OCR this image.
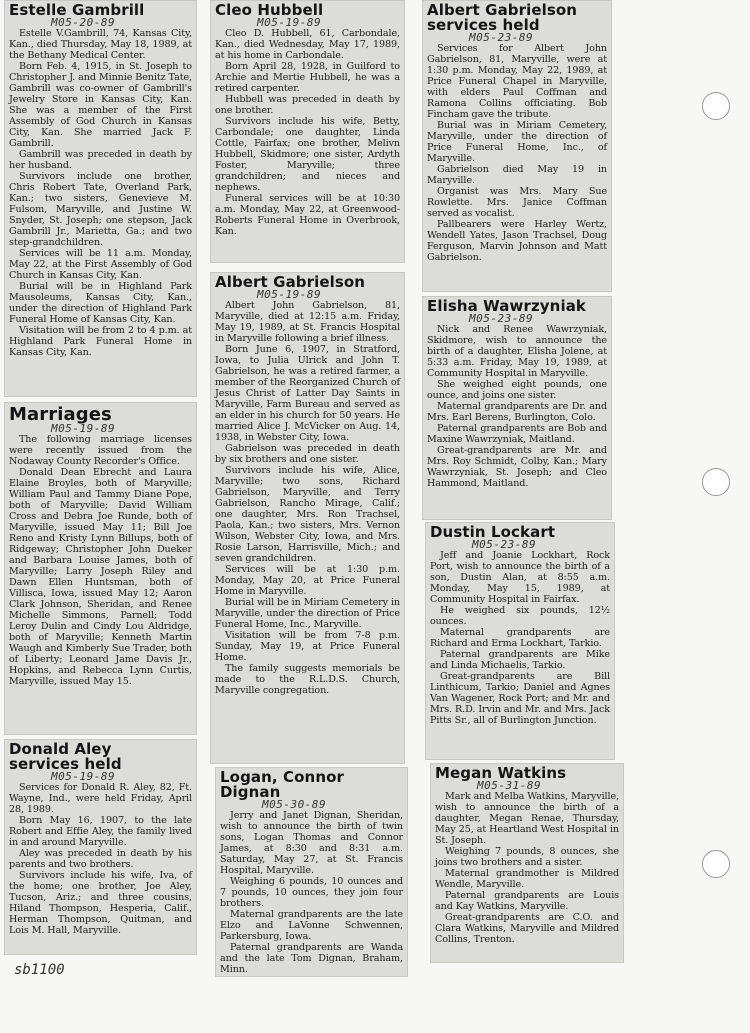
Estelle Gambrill
M05-20-89

Estelle V.Gambrill, 74, Kansas City, Kan., died Thursday, May 18, 1989, at the Bethany Medical Center.

Born Feb. 4, 1915, in St. Joseph to Christopher J. and Minnie Benitz Tate, Gambrill was co-owner of Gambrill's Jewelry Store in Kansas City, Kan. She was a member of the First Assembly of God Church in Kansas City, Kan. She married Jack F. Gambrill.

Gambrill was preceded in death by her husband.

Survivors include one brother, Chris Robert Tate, Overland Park, Kan.; two sisters, Genevieve M. Fulsom, Maryville, and Justine W. Snyder, St. Joseph; one stepson, Jack Gambrill Jr., Marietta, Ga.; and two step-grandchildren.

Services will be 11 a.m. Monday, May 22, at the First Assembly of God Church in Kansas City, Kan.

Burial will be in Highland Park Mausoleums, Kansas City, Kan., under the direction of Highland Park Funeral Home of Kansas City, Kan.

Visitation will be from 2 to 4 p.m. at Highland Park Funeral Home in Kansas City, Kan.

Marriages
M05-19-89

The following marriage licenses were recently issued from the Nodaway County Recorder's Office.

Donald Dean Ebrecht and Laura Elaine Broyles, both of Maryville; William Paul and Tammy Diane Pope, both of Maryville; David William Cross and Debra Joe Runde, both of Maryville, issued May 11; Bill Joe Reno and Kristy Lynn Billups, both of Ridgeway; Christopher John Dueker and Barbara Louise James, both of Maryville; Larry Joseph Riley and Dawn Ellen Huntsman, both of Villisca, Iowa, issued May 12; Aaron Clark Johnson, Sheridan, and Renee Michelle Simmons, Parnell; Todd Leroy Dulin and Cindy Lou Aldridge, both of Maryville; Kenneth Martin Waugh and Kimberly Sue Trader, both of Liberty; Leonard Jame Davis Jr., Hopkins, and Rebecca Lynn Curtis, Maryville, issued May 15.

Donald Aley
services held
M05-19-89

Services for Donald R. Aley, 82, Ft. Wayne, Ind., were held Friday, April 28, 1989.

Born May 16, 1907, to the late Robert and Effie Aley, the family lived in and around Maryville.

Aley was preceded in death by his parents and two brothers.

Survivors include his wife, Iva, of the home; one brother, Joe Aley, Tucson, Ariz.; and three cousins, Hiland Thompson, Hesperia, Calif., Herman Thompson, Quitman, and Lois M. Hall, Maryville.

Cleo Hubbell
M05-19-89

Cleo D. Hubbell, 61, Carbondale, Kan., died Wednesday, May 17, 1989, at his home in Carbondale.

Born April 28, 1928, in Guilford to Archie and Mertie Hubbell, he was a retired carpenter.

Hubbell was preceded in death by one brother.

Survivors include his wife, Betty, Carbondale; one daughter, Linda Cottle, Fairfax; one brother, Melivn Hubbell, Skidmore; one sister, Ardyth Foster, Maryville; three grandchildren; and nieces and nephews.

Funeral services will be at 10:30 a.m. Monday, May 22, at Greenwood-Roberts Funeral Home in Overbrook, Kan.

Albert Gabrielson
M05-19-89

Albert John Gabrielson, 81, Maryville, died at 12:15 a.m. Friday, May 19, 1989, at St. Francis Hospital in Maryville following a brief illness.

Born June 6, 1907, in Stratford, Iowa, to Julia Ulrick and John T. Gabrielson, he was a retired farmer, a member of the Reorganized Church of Jesus Christ of Latter Day Saints in Maryville, Farm Bureau and served as an elder in his church for 50 years. He married Alice J. McVicker on Aug. 14, 1938, in Webster City, Iowa.

Gabrielson was preceded in death by six brothers and one sister.

Survivors include his wife, Alice, Maryville; two sons, Richard Gabrielson, Maryville, and Terry Gabrielson, Rancho Mirage, Calif.; one daughter, Mrs. Ron Trachsel, Paola, Kan.; two sisters, Mrs. Vernon Wilson, Webster City, Iowa, and Mrs. Rosie Larson, Harrisville, Mich.; and seven grandchildren.

Services will be at 1:30 p.m. Monday, May 20, at Price Funeral Home in Maryville.

Burial will be in Miriam Cemetery in Maryville, under the direction of Price Funeral Home, Inc., Maryville.

Visitation will be from 7-8 p.m. Sunday, May 19, at Price Funeral Home.

The family suggests memorials be made to the R.L.D.S. Church, Maryville congregation.

Logan, Connor Dignan
M05-30-89

Jerry and Janet Dignan, Sheridan, wish to announce the birth of twin sons, Logan Thomas and Connor James, at 8:30 and 8:31 a.m. Saturday, May 27, at St. Francis Hospital, Maryville.

Weighing 6 pounds, 10 ounces and 7 pounds, 10 ounces, they join four brothers.

Maternal grandparents are the late Elzo and LaVonne Schwennen, Parkersburg, Iowa.

Paternal grandparents are Wanda and the late Tom Dignan, Braham, Minn.

Albert Gabrielson
services held
M05-23-89

Services for Albert John Gabrielson, 81, Maryville, were at 1:30 p.m. Monday, May 22, 1989, at Price Funeral Chapel in Maryville, with elders Paul Coffman and Ramona Collins officiating. Bob Fincham gave the tribute.

Burial was in Miriam Cemetery, Maryville, under the direction of Price Funeral Home, Inc., of Maryville.

Gabrielson died May 19 in Maryville.

Organist was Mrs. Mary Sue Rowlette. Mrs. Janice Coffman served as vocalist.

Pallbearers were Harley Wertz, Wendell Yates, Jason Trachsel, Doug Ferguson, Marvin Johnson and Matt Gabrielson.

Elisha Wawrzyniak
M05-23-89

Nick and Renee Wawrzyniak, Skidmore, wish to announce the birth of a daughter, Elisha Jolene, at 5:33 a.m. Friday, May 19, 1989, at Community Hospital in Maryville.

She weighed eight pounds, one ounce, and joins one sister.

Maternal grandparents are Dr. and Mrs. Earl Berens, Burlington, Colo.

Paternal grandparents are Bob and Maxine Wawrzyniak, Maitland.

Great-grandparents are Mr. and Mrs. Roy Schmidt, Colby, Kan.; Mary Wawrzyniak, St. Joseph; and Cleo Hammond, Maitland.

Dustin Lockart
M05-23-89

Jeff and Joanie Lockhart, Rock Port, wish to announce the birth of a son, Dustin Alan, at 8:55 a.m. Monday, May 15, 1989, at Community Hospital in Fairfax.

He weighed six pounds, 12½ ounces.

Maternal grandparents are Richard and Erma Lockhart, Tarkio.

Paternal grandparents are Mike and Linda Michaelis, Tarkio.

Great-grandparents are Bill Linthicum, Tarkio; Daniel and Agnes Van Wagener, Rock Port; and Mr. and Mrs. R.D. Irvin and Mr. and Mrs. Jack Pitts Sr., all of Burlington Junction.

Megan Watkins
M05-31-89

Mark and Melba Watkins, Maryville, wish to announce the birth of a daughter, Megan Renae, Thursday, May 25, at Heartland West Hospital in St. Joseph.

Weighing 7 pounds, 8 ounces, she joins two brothers and a sister.

Maternal grandmother is Mildred Wendle, Maryville.

Paternal grandparents are Louis and Kay Watkins, Maryville.

Great-grandparents are C.O. and Clara Watkins, Maryville and Mildred Collins, Trenton.

sb1100
